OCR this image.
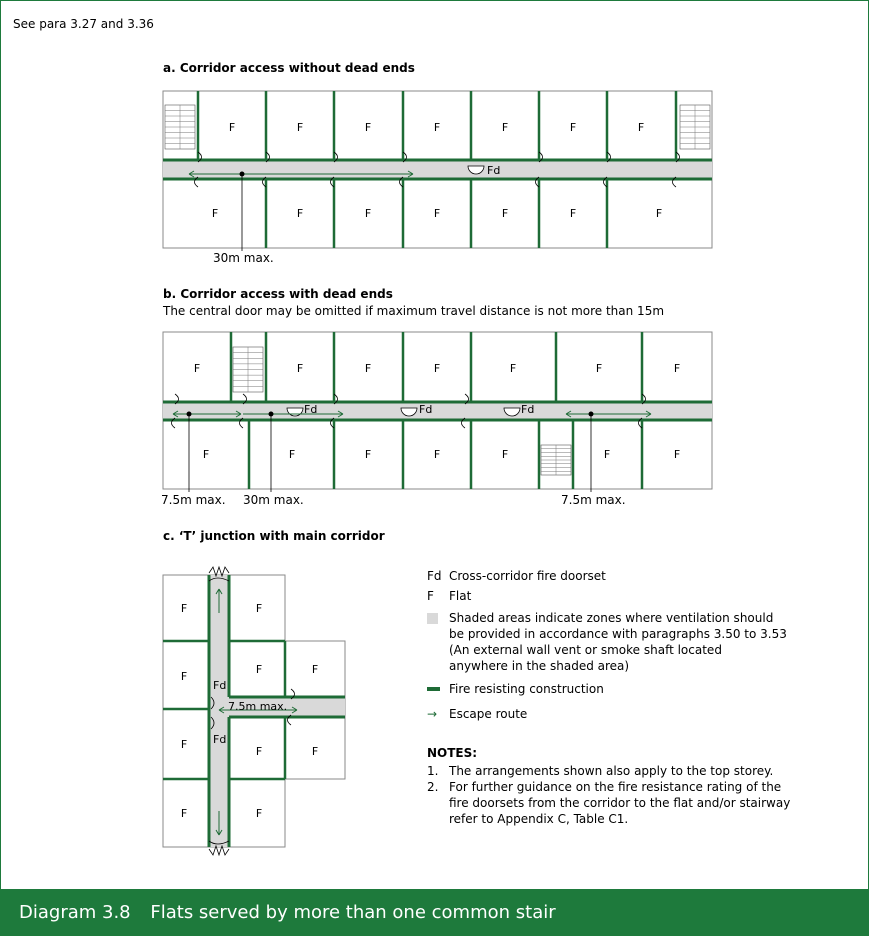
See para 3.27 and 3.36
a. Corridor access without dead ends
F	F	F	F	F	F	F
F	F	F	F	F	F	F
Fd
30m max.
b. Corridor access with dead ends
The central door may be omitted if maximum travel distance is not more than 15m
F	F	F	F	F	F	F
F	F	F	F	F	F	F
Fd	Fd	Fd
7.5m max. 30m max.	7.5m max.
c. ‘T’ junction with main corridor
F	F
F
F	F
F
F	F
F	F
Fd
Fd
7.5m max.
Fd Cross-corridor fire doorset
F	Flat
Shaded areas indicate zones where ventilation should
be provided in accordance with paragraphs 3.50 to 3.53
(An external wall vent or smoke shaft located
anywhere in the shaded area)
Fire resisting construction
→ Escape route
NOTES:
1. The arrangements shown also apply to the top storey.
2. For further guidance on the fire resistance rating of the
fire doorsets from the corridor to the flat and/or stairway
refer to Appendix C, Table C1.
Diagram 3.8 Flats served by more than one common stair
